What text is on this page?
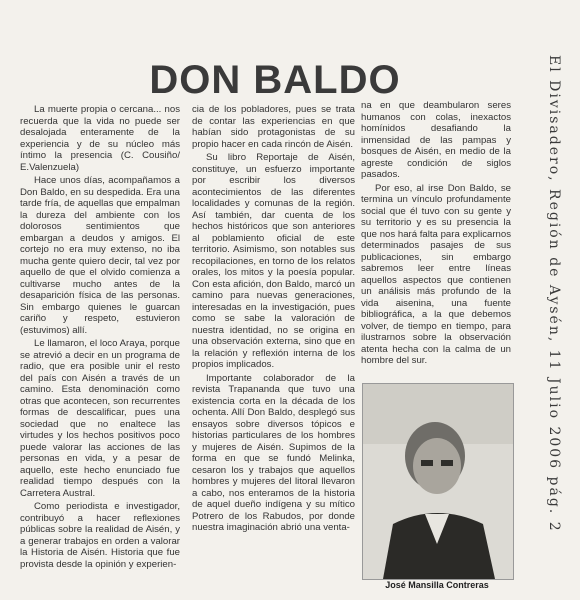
DON BALDO

La muerte propia o cercana... nos recuerda que la vida no puede ser desalojada enteramente de la experiencia y de su núcleo más íntimo la presencia (C. Cousiño/ E.Valenzuela)

Hace unos días, acompañamos a Don Baldo, en su despedida. Era una tarde fría, de aquellas que empalman la dureza del ambiente con los dolorosos sentimientos que embargan a deudos y amigos. El cortejo no era muy extenso, no iba mucha gente quiero decir, tal vez por aquello de que el olvido comienza a cultivarse mucho antes de la desaparición física de las personas. Sin embargo quienes le guarcan cariño y respeto, estuvieron (estuvimos) allí.

Le llamaron, el loco Araya, porque se atrevió a decir en un programa de radio, que era posible unir el resto del país con Aisén a través de un camino. Esta denominación como otras que acontecen, son recurrentes formas de descalificar, pues una sociedad que no enaltece las virtudes y los hechos positivos poco puede valorar las acciones de las personas en vida, y a pesar de aquello, este hecho enunciado fue realidad tiempo después con la Carretera Austral.

Como periodista e investigador, contribuyó a hacer reflexiones públicas sobre la realidad de Aisén, y a generar trabajos en orden a valorar la Historia de Aisén. Historia que fue provista desde la opinión y experien-

cia de los pobladores, pues se trata de contar las experiencias en que habían sido protagonistas de su propio hacer en cada rincón de Aisén.

Su libro Reportaje de Aisén, constituye, un esfuerzo importante por escribir los diversos acontecimientos de las diferentes localidades y comunas de la región. Así también, dar cuenta de los hechos históricos que son anteriores al poblamiento oficial de este territorio. Asimismo, son notables sus recopilaciones, en torno de los relatos orales, los mitos y la poesía popular. Con esta afición, don Baldo, marcó un camino para nuevas generaciones, interesadas en la investigación, pues como se sabe la valoración de nuestra identidad, no se origina en una observación externa, sino que en la relación y reflexión interna de los propios implicados.

Importante colaborador de la revista Trapananda que tuvo una existencia corta en la década de los ochenta. Allí Don Baldo, desplegó sus ensayos sobre diversos tópicos e historias particulares de los hombres y mujeres de Aisén. Supimos de la forma en que se fundó Melinka, cesaron los y trabajos que aquellos hombres y mujeres del litoral llevaron a cabo, nos enteramos de la historia de aquel dueño indígena y su mítico Potrero de los Rabudos, por donde nuestra imaginación abrió una venta-

na en que deambularon seres humanos con colas, inexactos homínidos desafiando la inmensidad de las pampas y bosques de Aisén, en medio de la agreste condición de siglos pasados.

Por eso, al irse Don Baldo, se termina un vínculo profundamente social que él tuvo con su gente y su territorio y es su presencia la que nos hará falta para explicarnos determinados pasajes de sus publicaciones, sin embargo sabremos leer entre líneas aquellos aspectos que contienen un análisis más profundo de la vida aisenina, una fuente bibliográfica, a la que debemos volver, de tiempo en tiempo, para ilustrarnos sobre la observación atenta hecha con la calma de un hombre del sur.

José Mansilla Contreras
El Divisadero, Región de Aysén, 11 Julio 2006 pág. 2
